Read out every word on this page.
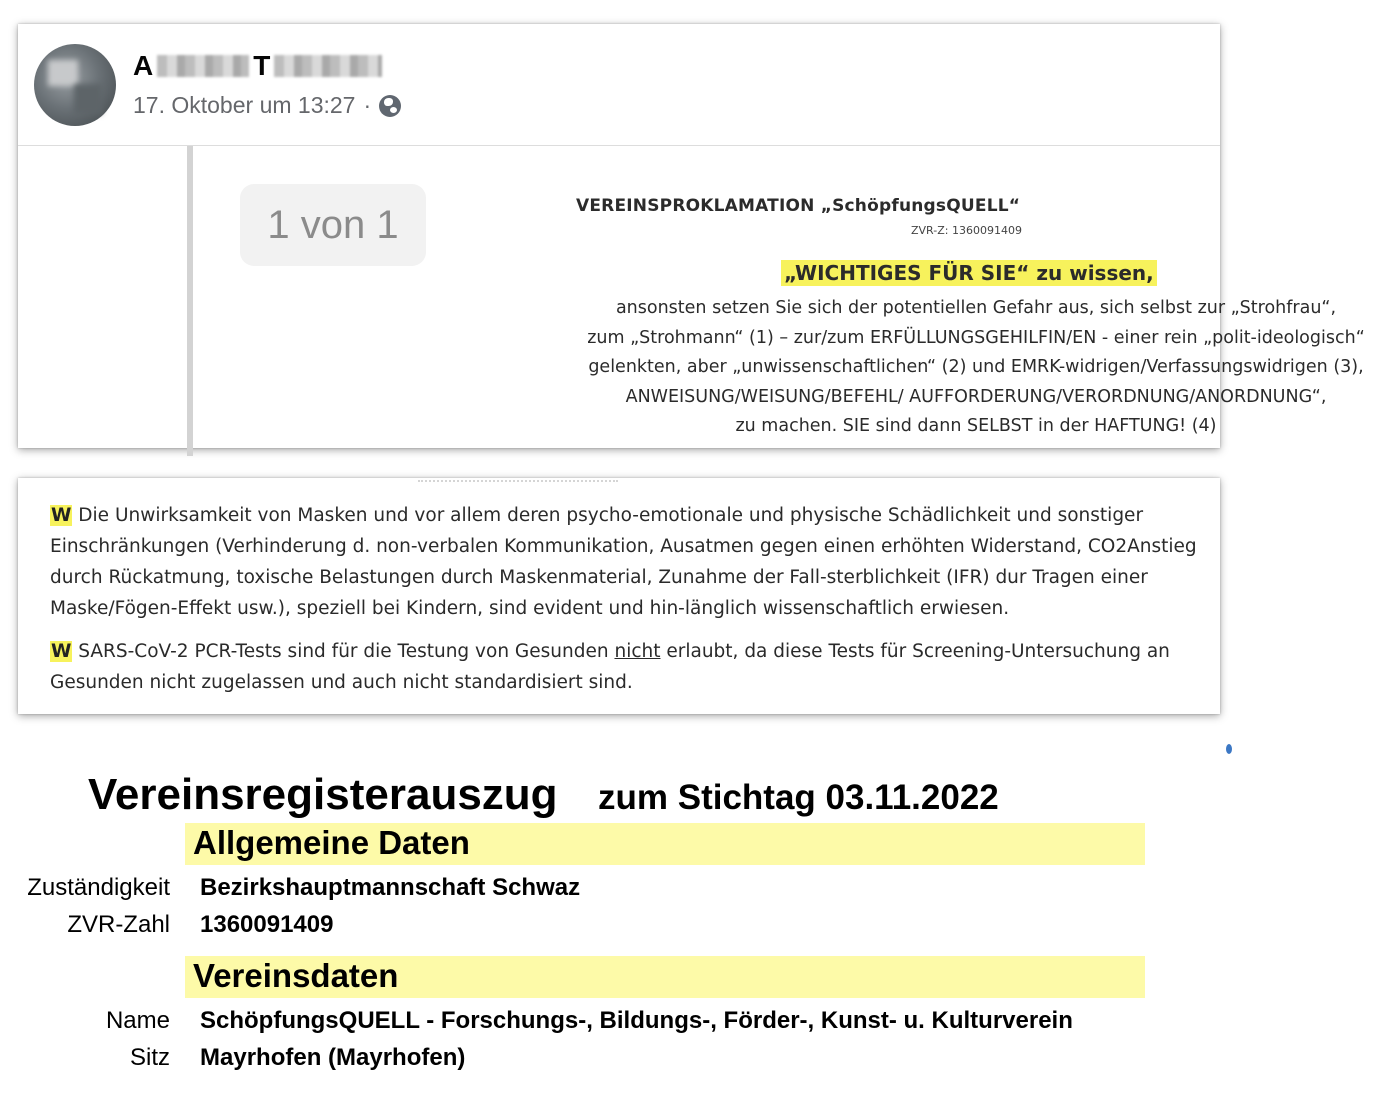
A	T
17. Oktober um 13:27 ·
1 von 1	VEREINSPROKLAMATION „SchöpfungsQUELL“
ZVR-Z: 1360091409
„WICHTIGES FÜR SIE“ zu wissen,
ansonsten setzen Sie sich der potentiellen Gefahr aus, sich selbst zur „Strohfrau“,
zum „Strohmann“ (1) – zur/zum ERFÜLLUNGSGEHILFIN/EN - einer rein „polit-ideologisch“
gelenkten, aber „unwissenschaftlichen“ (2) und EMRK-widrigen/Verfassungswidrigen (3),
ANWEISUNG/WEISUNG/BEFEHL/ AUFFORDERUNG/VERORDNUNG/ANORDNUNG“,
zu machen. SIE sind dann SELBST in der HAFTUNG! (4)

W Die Unwirksamkeit von Masken und vor allem deren psycho-emotionale und physische Schädlichkeit und sonstiger Einschränkungen (Verhinderung d. non-verbalen Kommunikation, Ausatmen gegen einen erhöhten Widerstand, CO2Anstieg durch Rückatmung, toxische Belastungen durch Maskenmaterial, Zunahme der Fall-sterblichkeit (IFR) dur Tragen einer Maske/Fögen-Effekt usw.), speziell bei Kindern, sind evident und hin-länglich wissenschaftlich erwiesen.

W SARS-CoV-2 PCR-Tests sind für die Testung von Gesunden nicht erlaubt, da diese Tests für Screening-Untersuchung an Gesunden nicht zugelassen und auch nicht standardisiert sind.

Vereinsregisterauszug zum Stichtag 03.11.2022
Allgemeine Daten
Zuständigkeit Bezirkshauptmannschaft Schwaz
ZVR-Zahl 1360091409
Vereinsdaten
Name SchöpfungsQUELL - Forschungs-, Bildungs-, Förder-, Kunst- u. Kulturverein
Sitz Mayrhofen (Mayrhofen)
